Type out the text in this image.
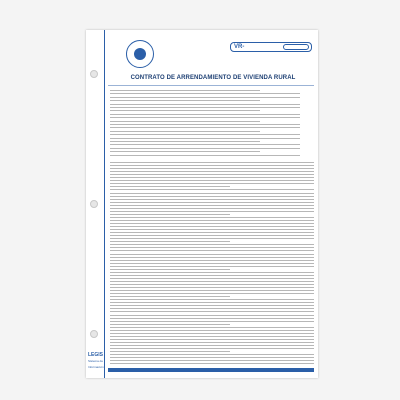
LEGIS
Sistema de Información
VR-
CONTRATO DE ARRENDAMIENTO DE VIVIENDA RURAL
